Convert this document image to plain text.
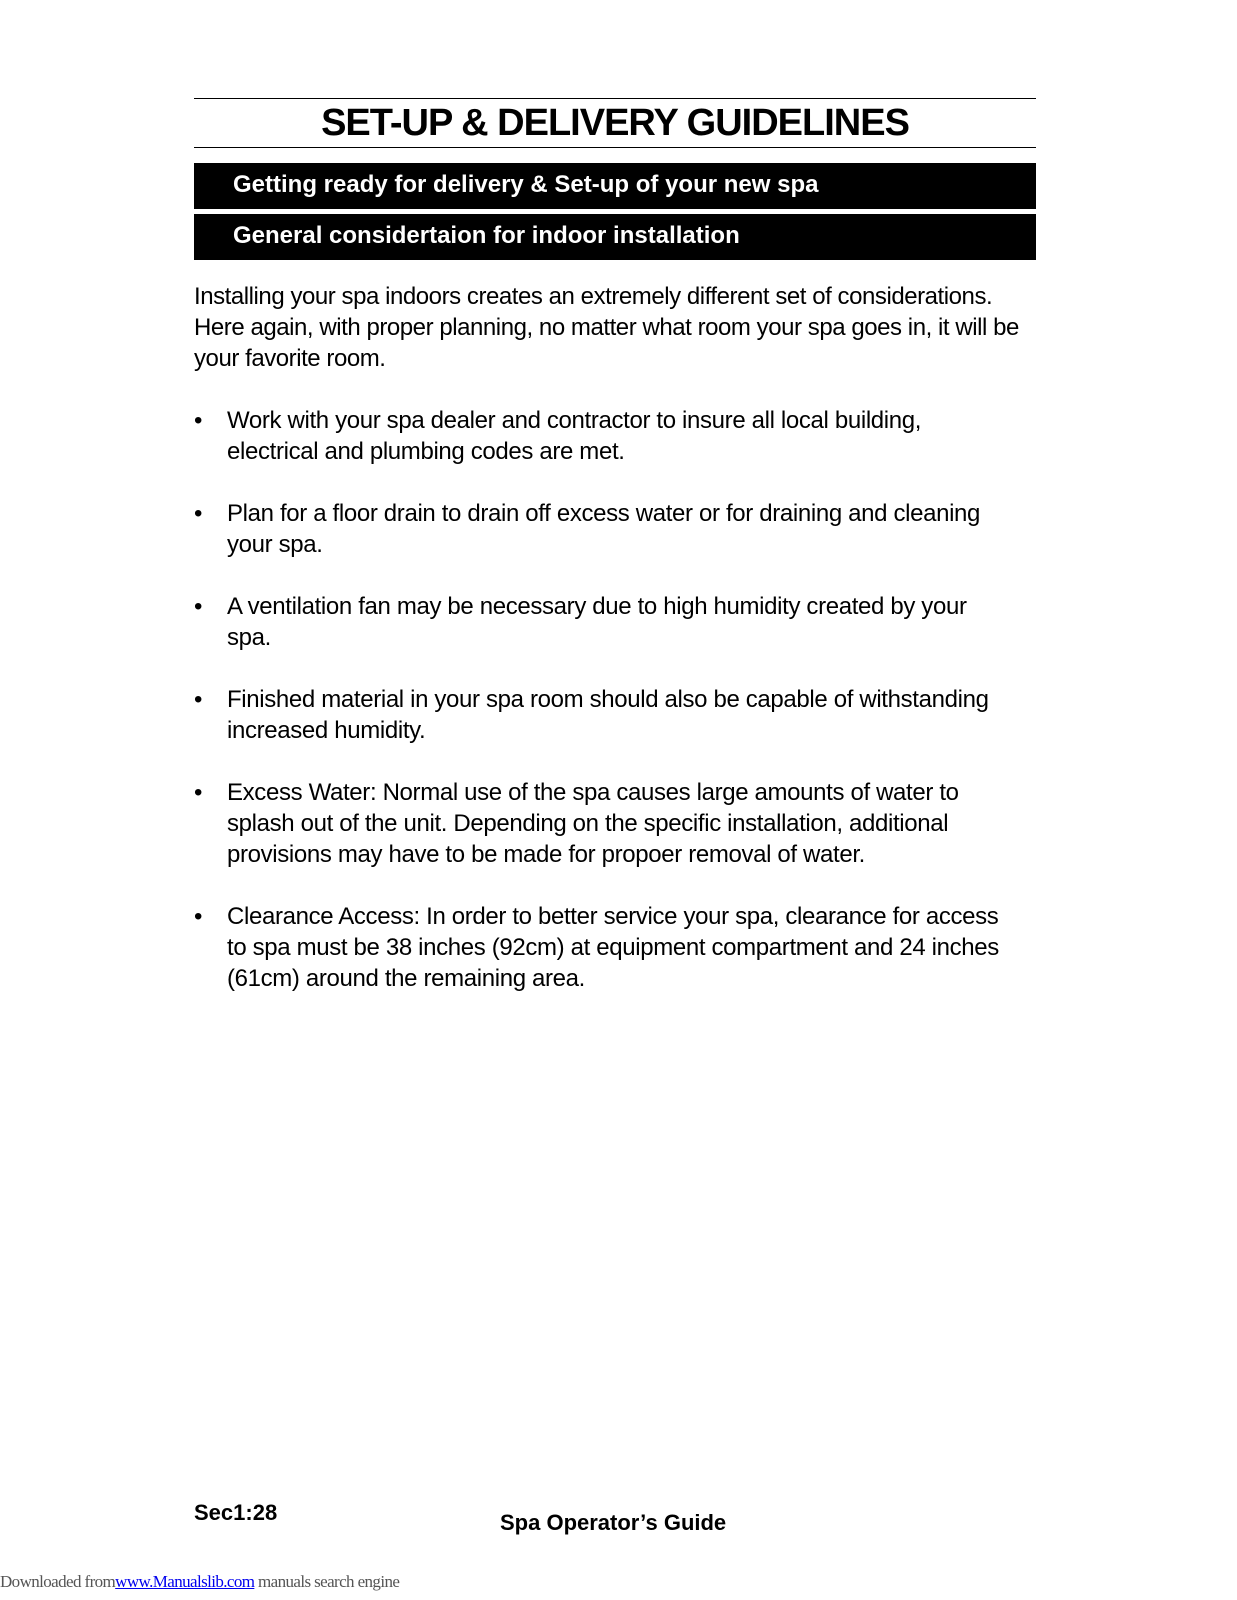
SET-UP & DELIVERY GUIDELINES
Getting ready for delivery & Set-up of your new spa
General considertaion for indoor installation

Installing your spa indoors creates an extremely different set of considerations. Here again, with proper planning, no matter what room your spa goes in, it will be your favorite room.

•	Work with your spa dealer and contractor to insure all local building, electrical and plumbing codes are met.
•	Plan for a floor drain to drain off excess water or for draining and cleaning your spa.
•	A ventilation fan may be necessary due to high humidity created by your spa.
•	Finished material in your spa room should also be capable of withstanding increased humidity.
•	Excess Water: Normal use of the spa causes large amounts of water to splash out of the unit. Depending on the specific installation, additional provisions may have to be made for propoer removal of water.
•	Clearance Access: In order to better service your spa, clearance for access to spa must be 38 inches (92cm) at equipment compartment and 24 inches (61cm) around the remaining area.

Sec1:28	Spa Operator’s Guide

Downloaded fromwww.Manualslib.com manuals search engine
